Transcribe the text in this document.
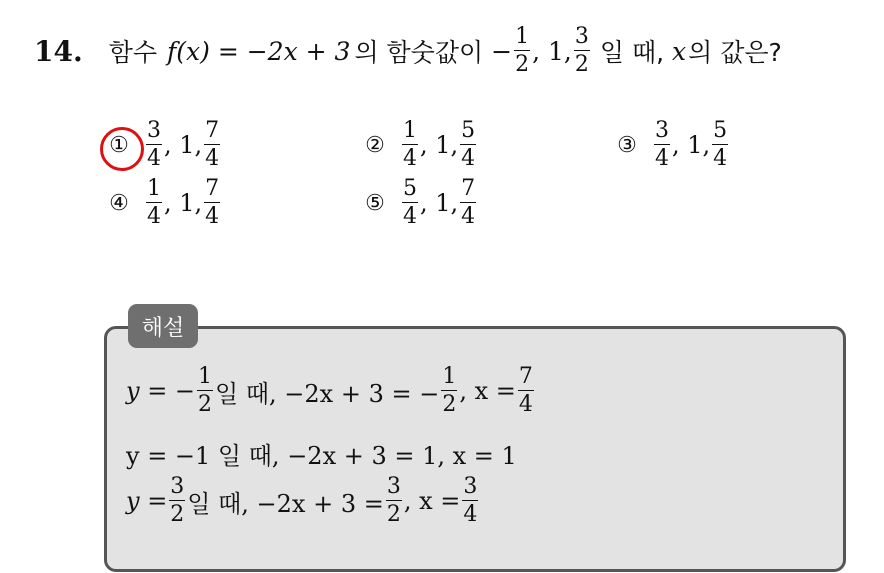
14. 함수 f(x) = −2x + 3 의 함숫값이 − $\frac{1}{2}$ , 1, $\frac{3}{2}$ 일 때, x 의 값은?
① $\frac{3}{4}$ , 1, $\frac{7}{4}$	② $\frac{1}{4}$ , 1, $\frac{5}{4}$	③ $\frac{3}{4}$ , 1, $\frac{5}{4}$
④ $\frac{1}{4}$ , 1, $\frac{7}{4}$	⑤ $\frac{5}{4}$ , 1, $\frac{7}{4}$
해설
y = − $\frac{1}{2}$ 일 때, −2x + 3 = − $\frac{1}{2}$ , $x = \frac{7}{4}$
y = −1 일 때, −2x + 3 = 1, x = 1
$y = \frac{3}{2}$ 일 때, $-2x + 3 = \frac{3}{2}$ , $x = \frac{3}{4}$
